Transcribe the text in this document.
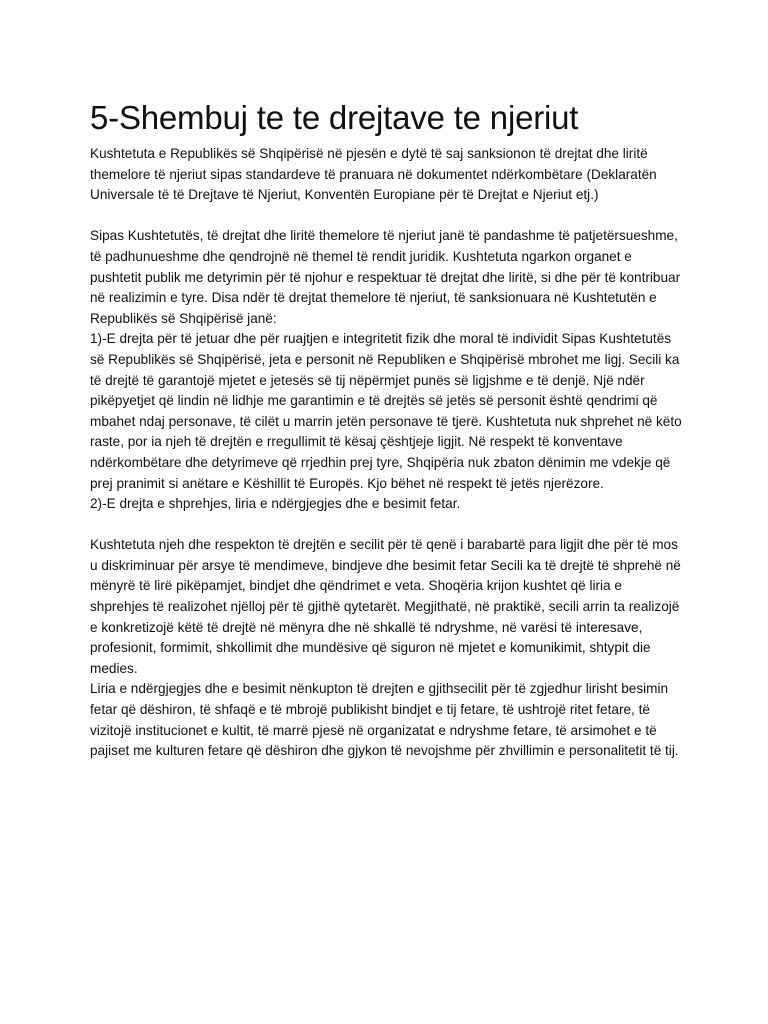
5-Shembuj te te drejtave te njeriut

Kushtetuta e Republikës së Shqipërisë në pjesën e dytë të saj sanksionon të drejtat dhe liritë themelore të njeriut sipas standardeve të pranuara në dokumentet ndërkombëtare (Deklaratën Universale të të Drejtave të Njeriut, Konventën Europiane për të Drejtat e Njeriut etj.)

Sipas Kushtetutës, të drejtat dhe liritë themelore të njeriut janë të pandashme të patjetërsueshme, të padhunueshme dhe qendrojnë në themel të rendit juridik. Kushtetuta ngarkon organet e pushtetit publik me detyrimin për të njohur e respektuar të drejtat dhe liritë, si dhe për të kontribuar në realizimin e tyre. Disa ndër të drejtat themelore të njeriut, të sanksionuara në Kushtetutën e Republikës së Shqipërisë janë:

1)-E drejta për të jetuar dhe për ruajtjen e integritetit fizik dhe moral të individit Sipas Kushtetutës së Republikës së Shqipërisë, jeta e personit në Republiken e Shqipërisë mbrohet me ligj. Secili ka të drejtë të garantojë mjetet e jetesës së tij nëpërmjet punës së ligjshme e të denjë. Një ndër pikëpyetjet që lindin në lidhje me garantimin e të drejtës së jetës së personit është qendrimi që mbahet ndaj personave, të cilët u marrin jetën personave të tjerë. Kushtetuta nuk shprehet në këto raste, por ia njeh të drejtën e rregullimit të kësaj çështjeje ligjit. Në respekt të konventave ndërkombëtare dhe detyrimeve që rrjedhin prej tyre, Shqipëria nuk zbaton dënimin me vdekje që prej pranimit si anëtare e Këshillit të Europës. Kjo bëhet në respekt të jetës njerëzore.

2)-E drejta e shprehjes, liria e ndërgjegjes dhe e besimit fetar.

Kushtetuta njeh dhe respekton të drejtën e secilit për të qenë i barabartë para ligjit dhe për të mos u diskriminuar për arsye të mendimeve, bindjeve dhe besimit fetar Secili ka të drejtë të shprehë në mënyrë të lirë pikëpamjet, bindjet dhe qëndrimet e veta. Shoqëria krijon kushtet që liria e shprehjes të realizohet njëlloj për të gjithë qytetarët. Megjithatë, në praktikë, secili arrin ta realizojë e konkretizojë këtë të drejtë në mënyra dhe në shkallë të ndryshme, në varësi të interesave, profesionit, formimit, shkollimit dhe mundësive që siguron në mjetet e komunikimit, shtypit die medies.

Liria e ndërgjegjes dhe e besimit nënkupton të drejten e gjithsecilit për të zgjedhur lirisht besimin fetar që dëshiron, të shfaqë e të mbrojë publikisht bindjet e tij fetare, të ushtrojë ritet fetare, të vizitojë institucionet e kultit, të marrë pjesë në organizatat e ndryshme fetare, të arsimohet e të pajiset me kulturen fetare që dëshiron dhe gjykon të nevojshme për zhvillimin e personalitetit të tij.
